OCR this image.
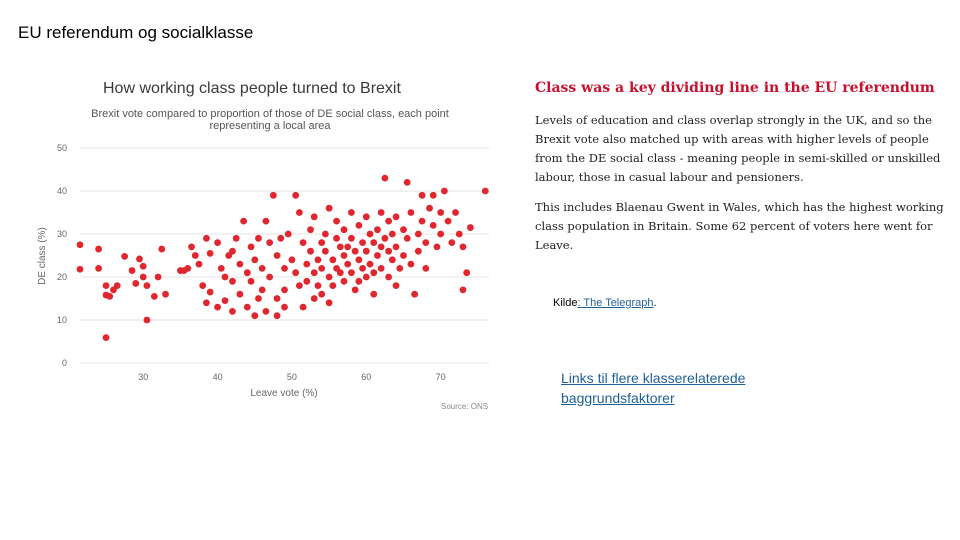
EU referendum og socialklasse
How working class people turned to Brexit
Brexit vote compared to proportion of those of DE social class, each point representing a local area
0
10
20
30
40
50
30	40	50	60	70
Leave vote (%)
DE class (%)
Source: ONS
Class was a key dividing line in the EU referendum
Levels of education and class overlap strongly in the UK, and so the Brexit vote also matched up with areas with higher levels of people from the DE social class - meaning people in semi-skilled or unskilled labour, those in casual labour and pensioners.
This includes Blaenau Gwent in Wales, which has the highest working class population in Britain. Some 62 percent of voters here went for Leave.
Kilde: The Telegraph.
Links til flere klasserelaterede baggrundsfaktorer
